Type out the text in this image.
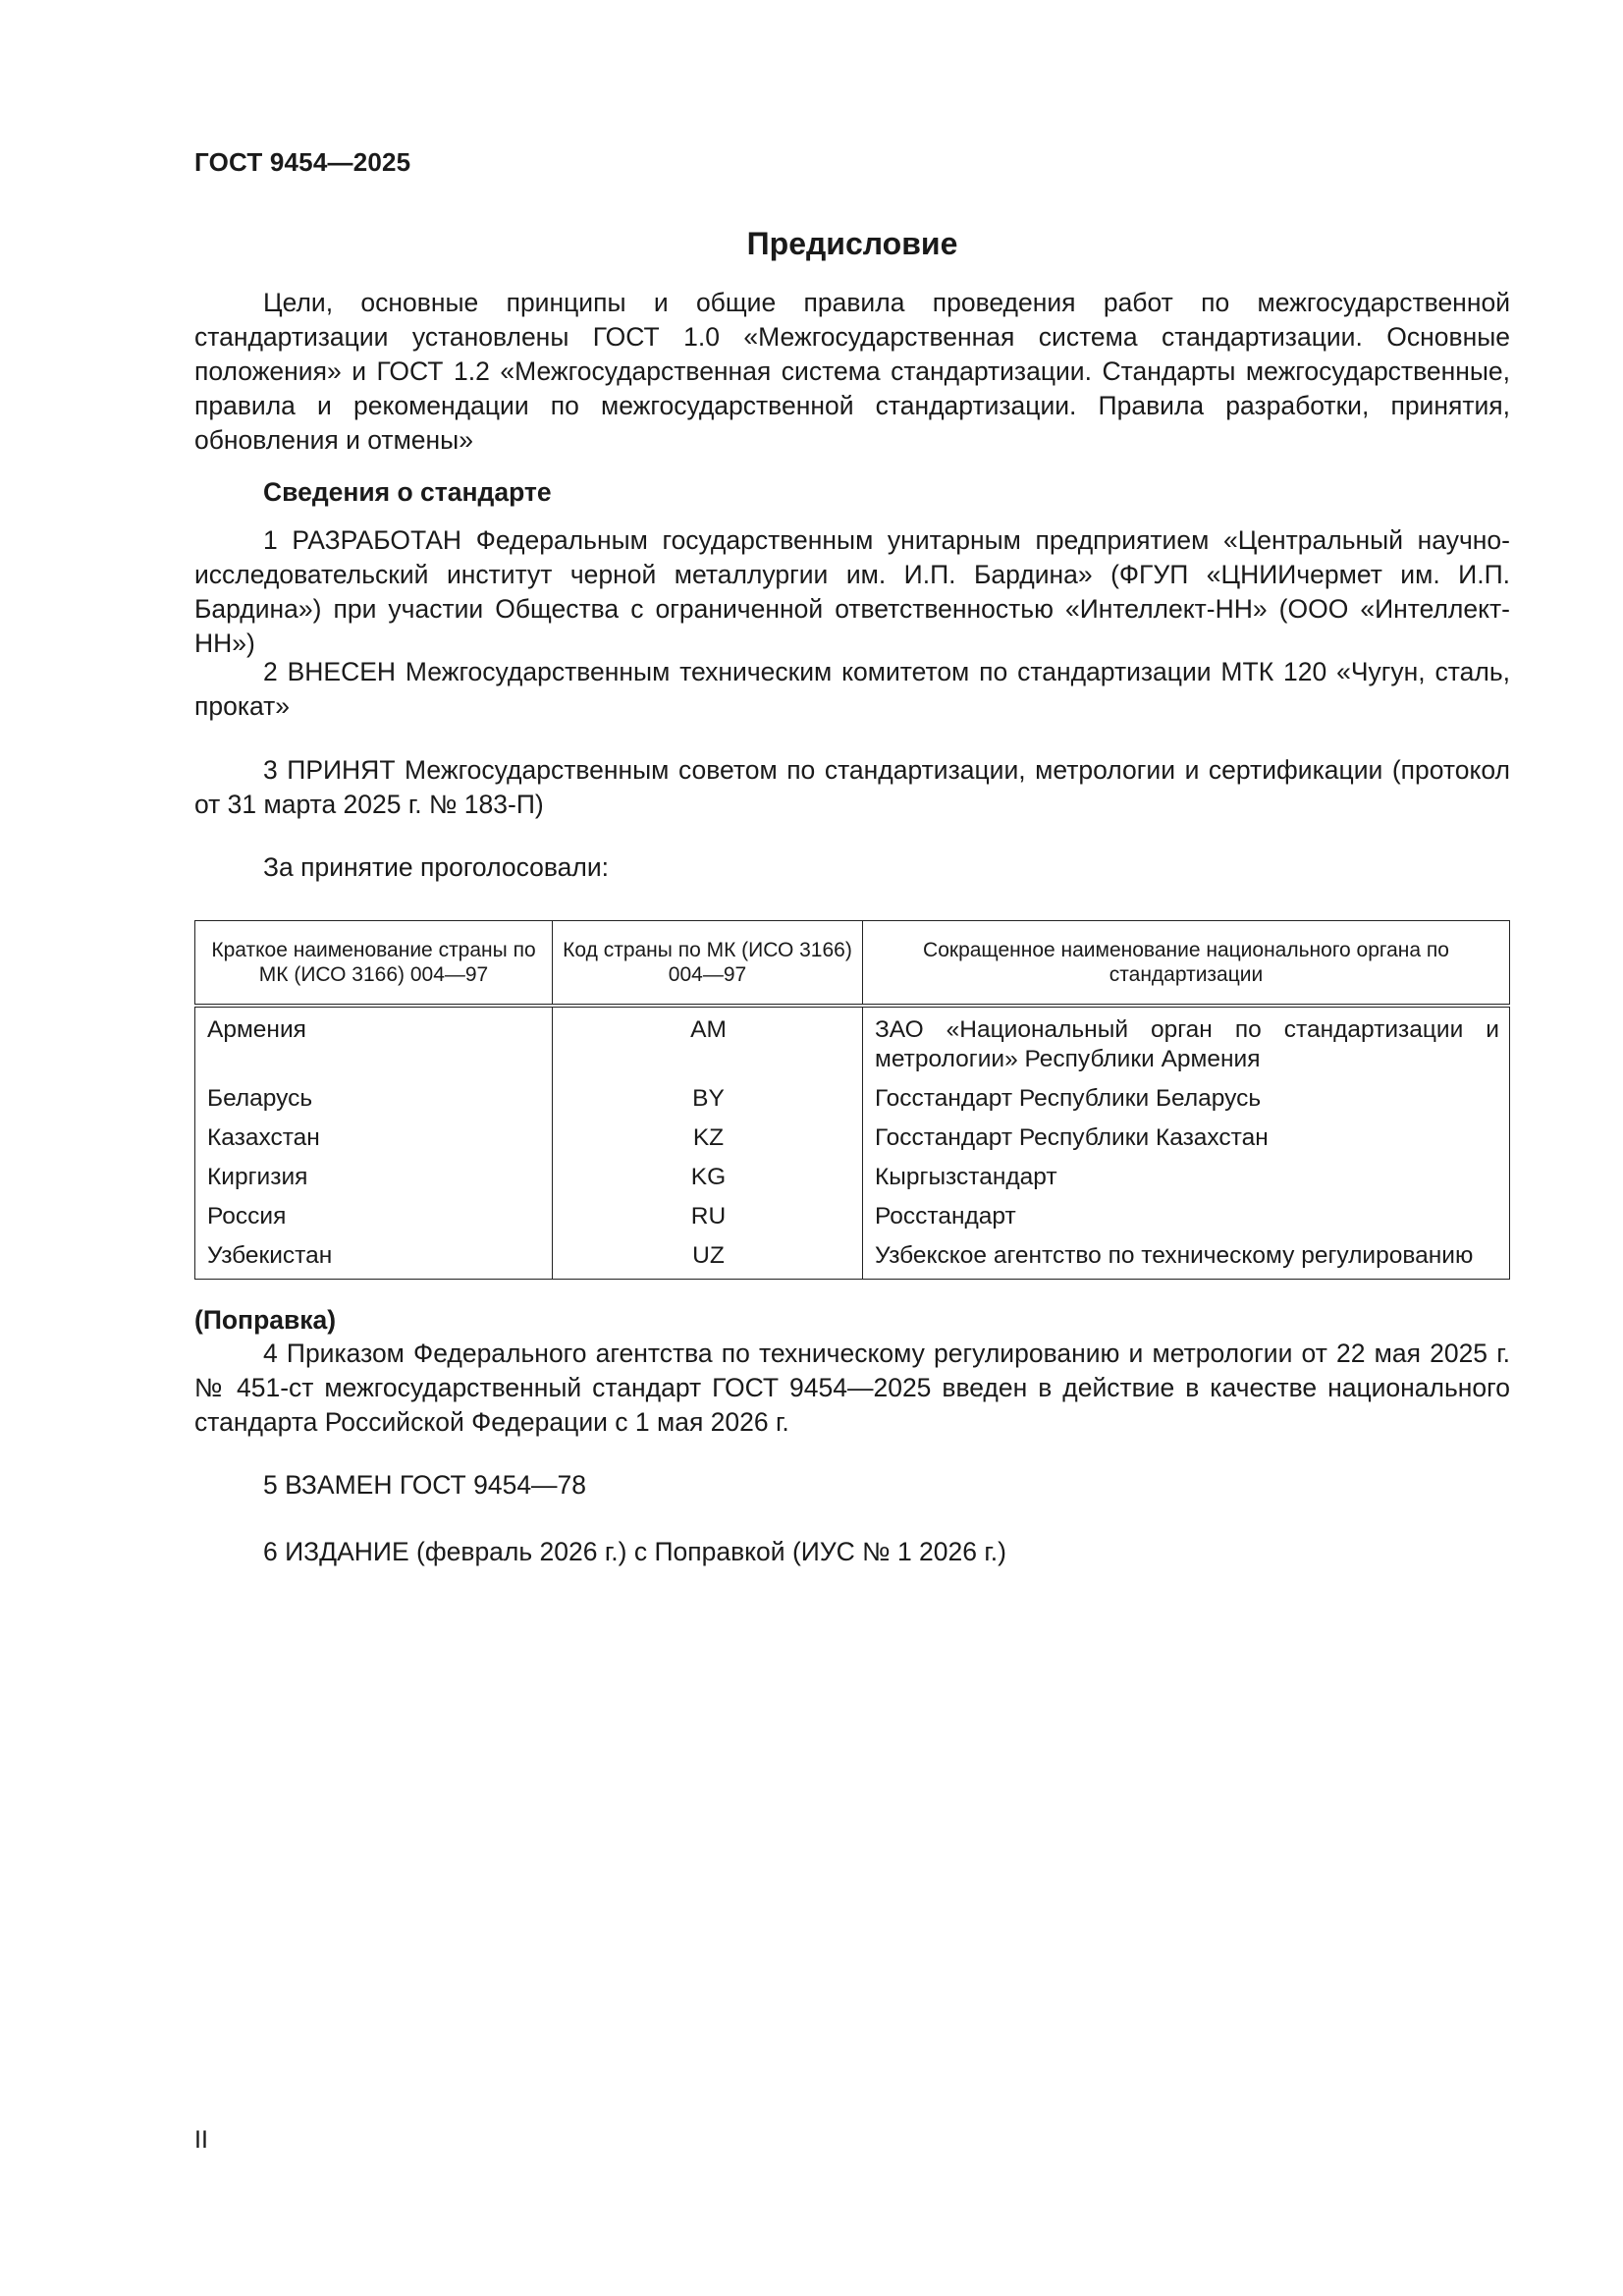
ГОСТ 9454—2025
Предисловие

Цели, основные принципы и общие правила проведения работ по межгосударственной стандартизации установлены ГОСТ 1.0 «Межгосударственная система стандартизации. Основные положения» и ГОСТ 1.2 «Межгосударственная система стандартизации. Стандарты межгосударственные, правила и рекомендации по межгосударственной стандартизации. Правила разработки, принятия, обновления и отмены»

Сведения о стандарте

1 РАЗРАБОТАН Федеральным государственным унитарным предприятием «Центральный научно-исследовательский институт черной металлургии им. И.П. Бардина» (ФГУП «ЦНИИчермет им. И.П. Бардина») при участии Общества с ограниченной ответственностью «Интеллект-НН» (ООО «Интеллект-НН»)

2 ВНЕСЕН Межгосударственным техническим комитетом по стандартизации МТК 120 «Чугун, сталь, прокат»

3 ПРИНЯТ Межгосударственным советом по стандартизации, метрологии и сертификации (протокол от 31 марта 2025 г. № 183-П)

За принятие проголосовали:

Краткое наименование страны по МК (ИСО 3166) 004—97	Код страны по МК (ИСО 3166) 004—97	Сокращенное наименование национального органа по стандартизации
Армения	AM	ЗАО «Национальный орган по стандартизации и метрологии» Республики Армения
Беларусь	BY	Госстандарт Республики Беларусь
Казахстан	KZ	Госстандарт Республики Казахстан
Киргизия	KG	Кыргызстандарт
Россия	RU	Росстандарт
Узбекистан	UZ	Узбекское агентство по техническому регулированию
(Поправка)

4 Приказом Федерального агентства по техническому регулированию и метрологии от 22 мая 2025 г. № 451-ст межгосударственный стандарт ГОСТ 9454—2025 введен в действие в качестве национального стандарта Российской Федерации с 1 мая 2026 г.

5 ВЗАМЕН ГОСТ 9454—78

6 ИЗДАНИЕ (февраль 2026 г.) с Поправкой (ИУС № 1 2026 г.)

II
